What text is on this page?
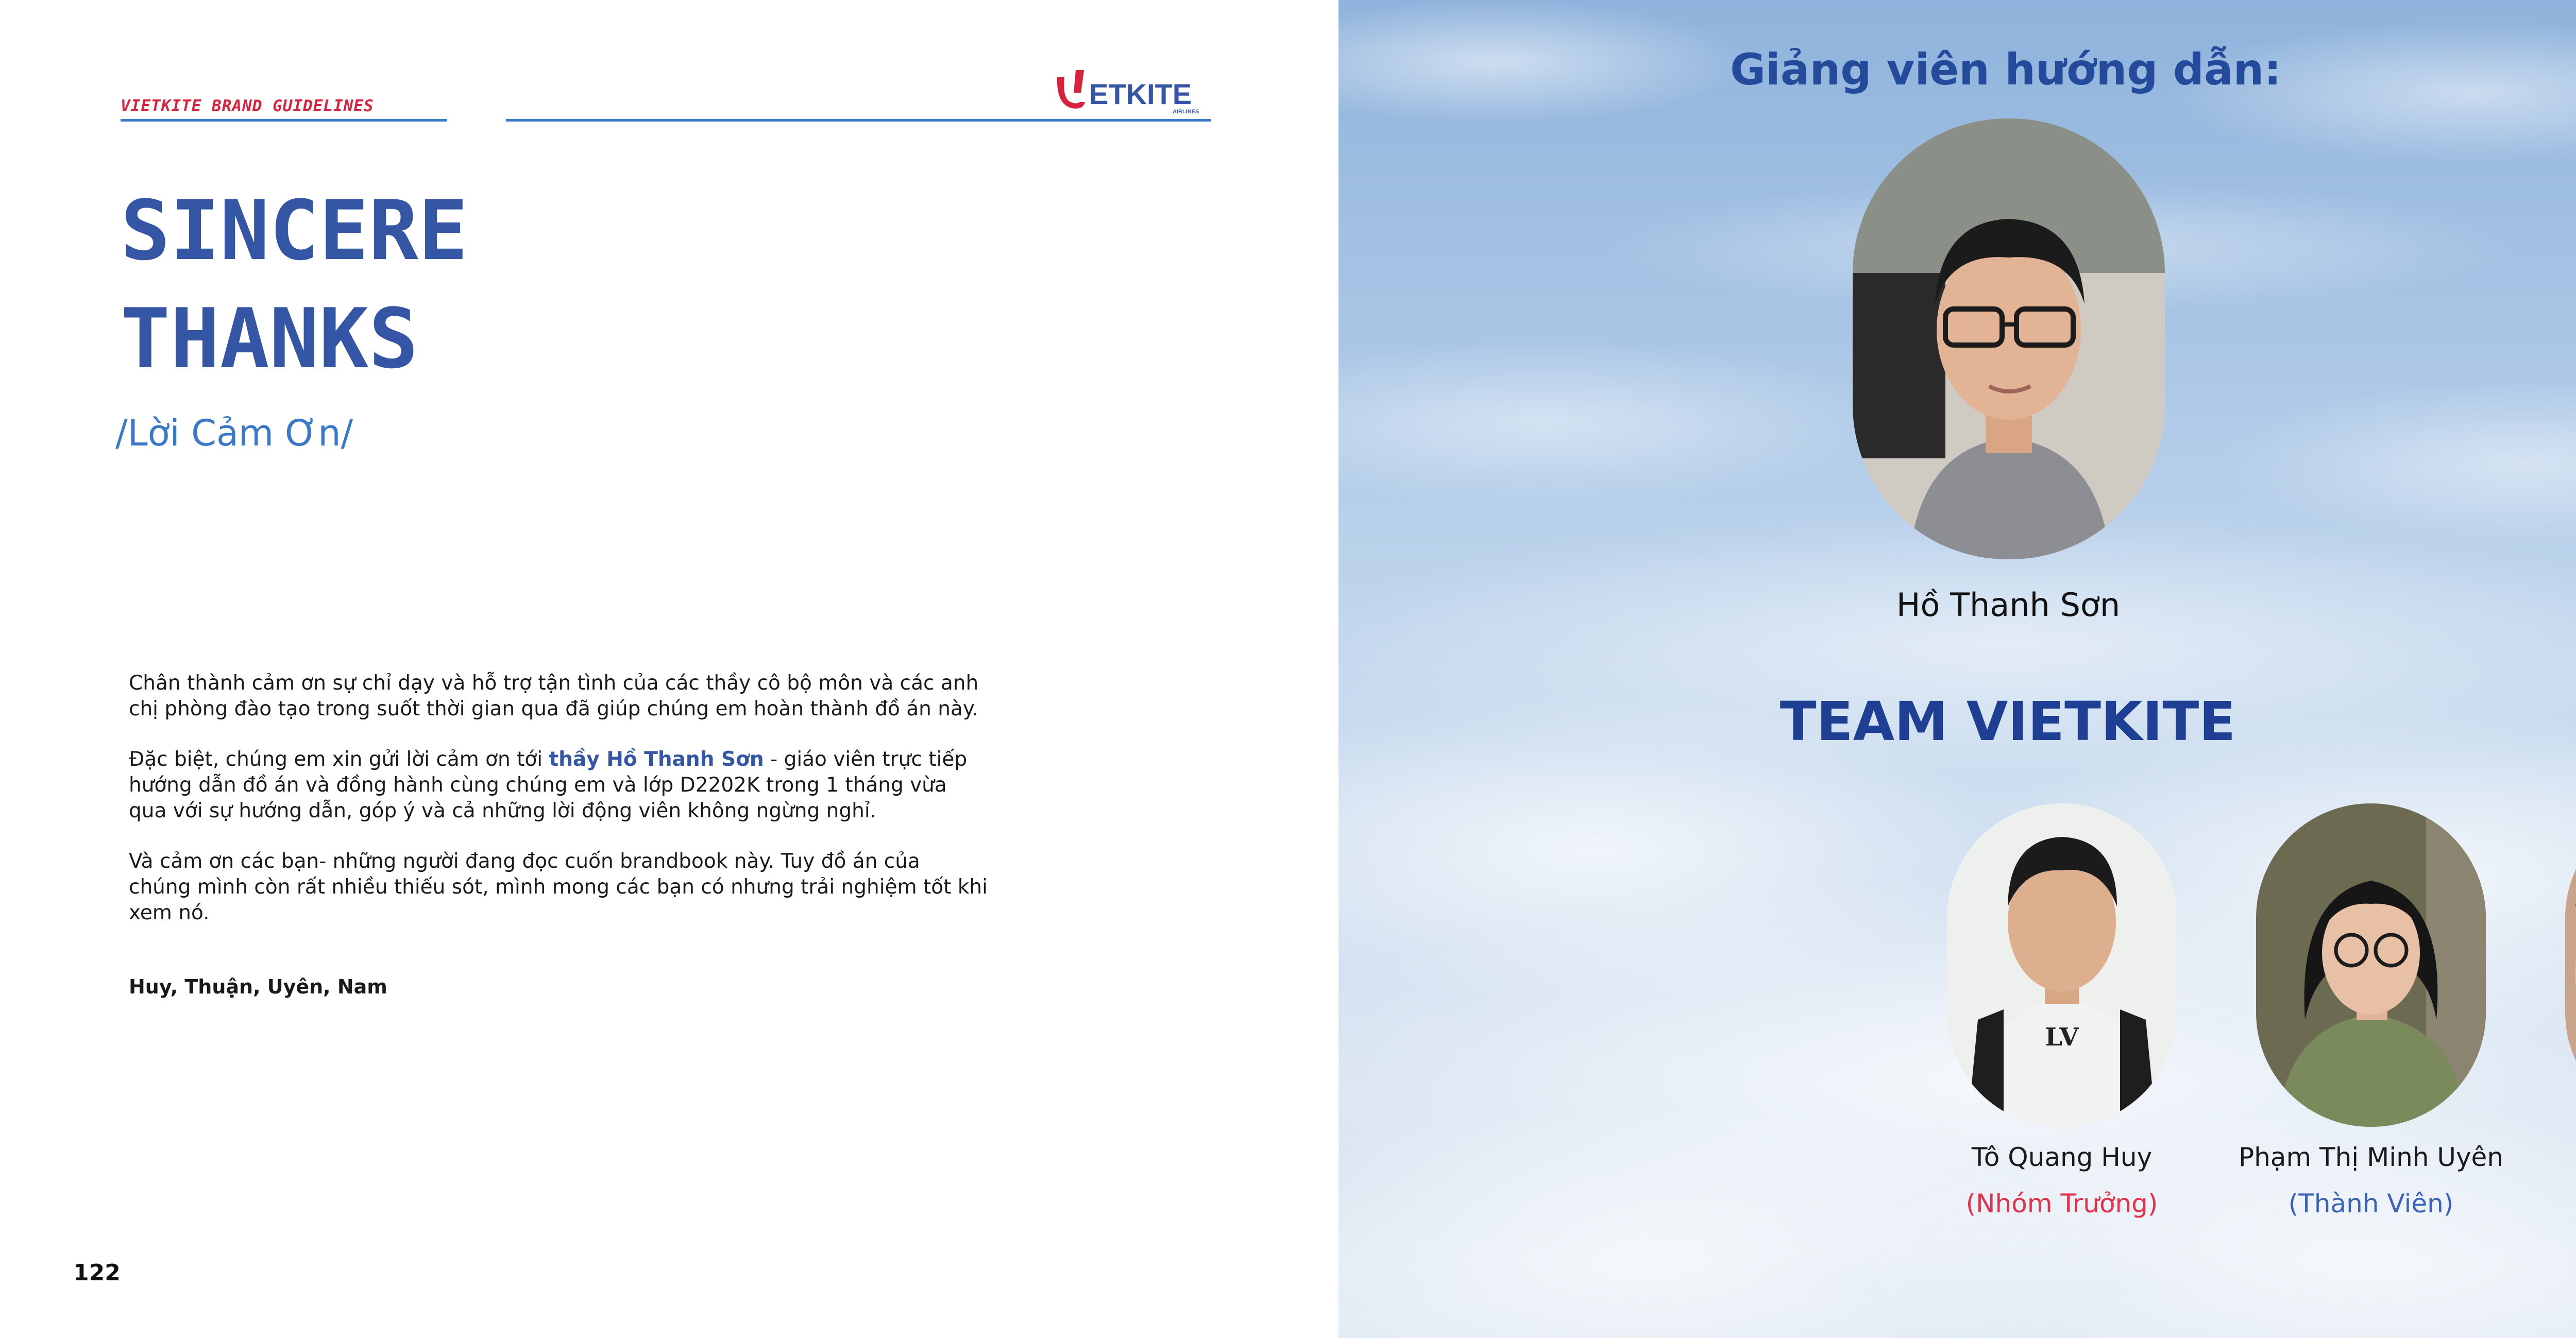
VIETKITE BRAND GUIDELINES	ETKITE
AIRLINES
SINCERE
THANKS
/Lời Cảm Ơn/
Chân thành cảm ơn sự chỉ dạy và hỗ trợ tận tình của các thầy cô bộ môn và các anh
chị phòng đào tạo trong suốt thời gian qua đã giúp chúng em hoàn thành đồ án này.
Đặc biệt, chúng em xin gửi lời cảm ơn tới thầy Hồ Thanh Sơn - giáo viên trực tiếp
hướng dẫn đồ án và đồng hành cùng chúng em và lớp D2202K trong 1 tháng vừa
qua với sự hướng dẫn, góp ý và cả những lời động viên không ngừng nghỉ.
Và cảm ơn các bạn- những người đang đọc cuốn brandbook này. Tuy đồ án của
chúng mình còn rất nhiều thiếu sót, mình mong các bạn có nhưng trải nghiệm tốt khi
xem nó.
Huy, Thuận, Uyên, Nam
122
Giảng viên hướng dẫn:
Hồ Thanh Sơn
TEAM VIETKITE
LV
Tô Quang Huy
(Nhóm Trưởng)
Phạm Thị Minh Uyên
(Thành Viên)
